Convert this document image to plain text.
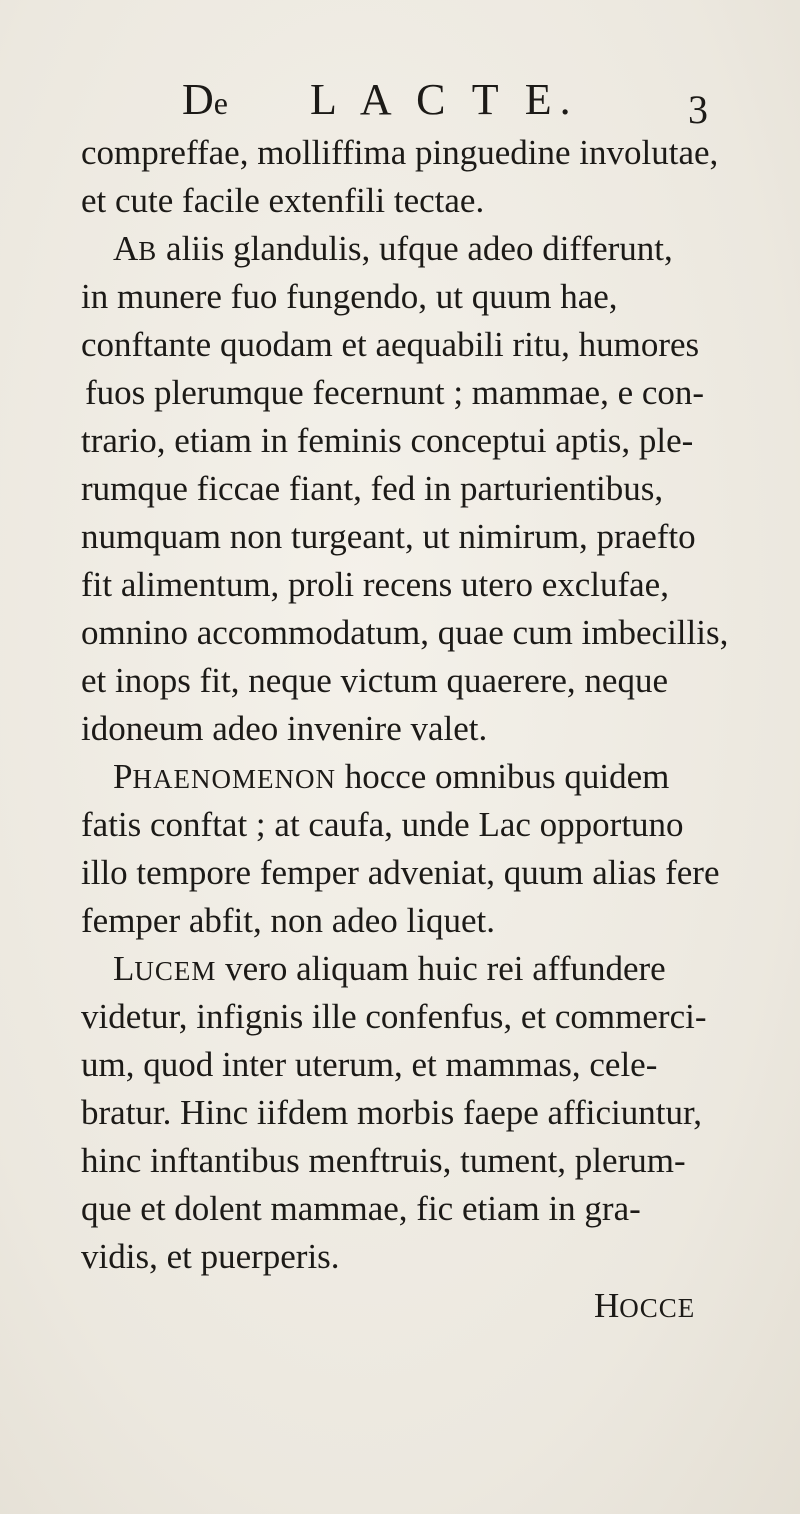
De L A C T E.	3
compreffae, molliffima pinguedine involutae,
et cute facile extenfili tectae.
AB aliis glandulis, ufque adeo differunt,
in munere fuo fungendo, ut quum hae,
conftante quodam et aequabili ritu, humores
fuos plerumque fecernunt ; mammae, e con-
trario, etiam in feminis conceptui aptis, ple-
rumque ficcae fiant, fed in parturientibus,
numquam non turgeant, ut nimirum, praefto
fit alimentum, proli recens utero exclufae,
omnino accommodatum, quae cum imbecillis,
et inops fit, neque victum quaerere, neque
idoneum adeo invenire valet.
PHAENOMENON hocce omnibus quidem
fatis conftat ; at caufa, unde Lac opportuno
illo tempore femper adveniat, quum alias fere
femper abfit, non adeo liquet.
LUCEM vero aliquam huic rei affundere
videtur, infignis ille confenfus, et commerci-
um, quod inter uterum, et mammas, cele-
bratur. Hinc iifdem morbis faepe afficiuntur,
hinc inftantibus menftruis, tument, plerum-
que et dolent mammae, fic etiam in gra-
vidis, et puerperis.
HOCCE
